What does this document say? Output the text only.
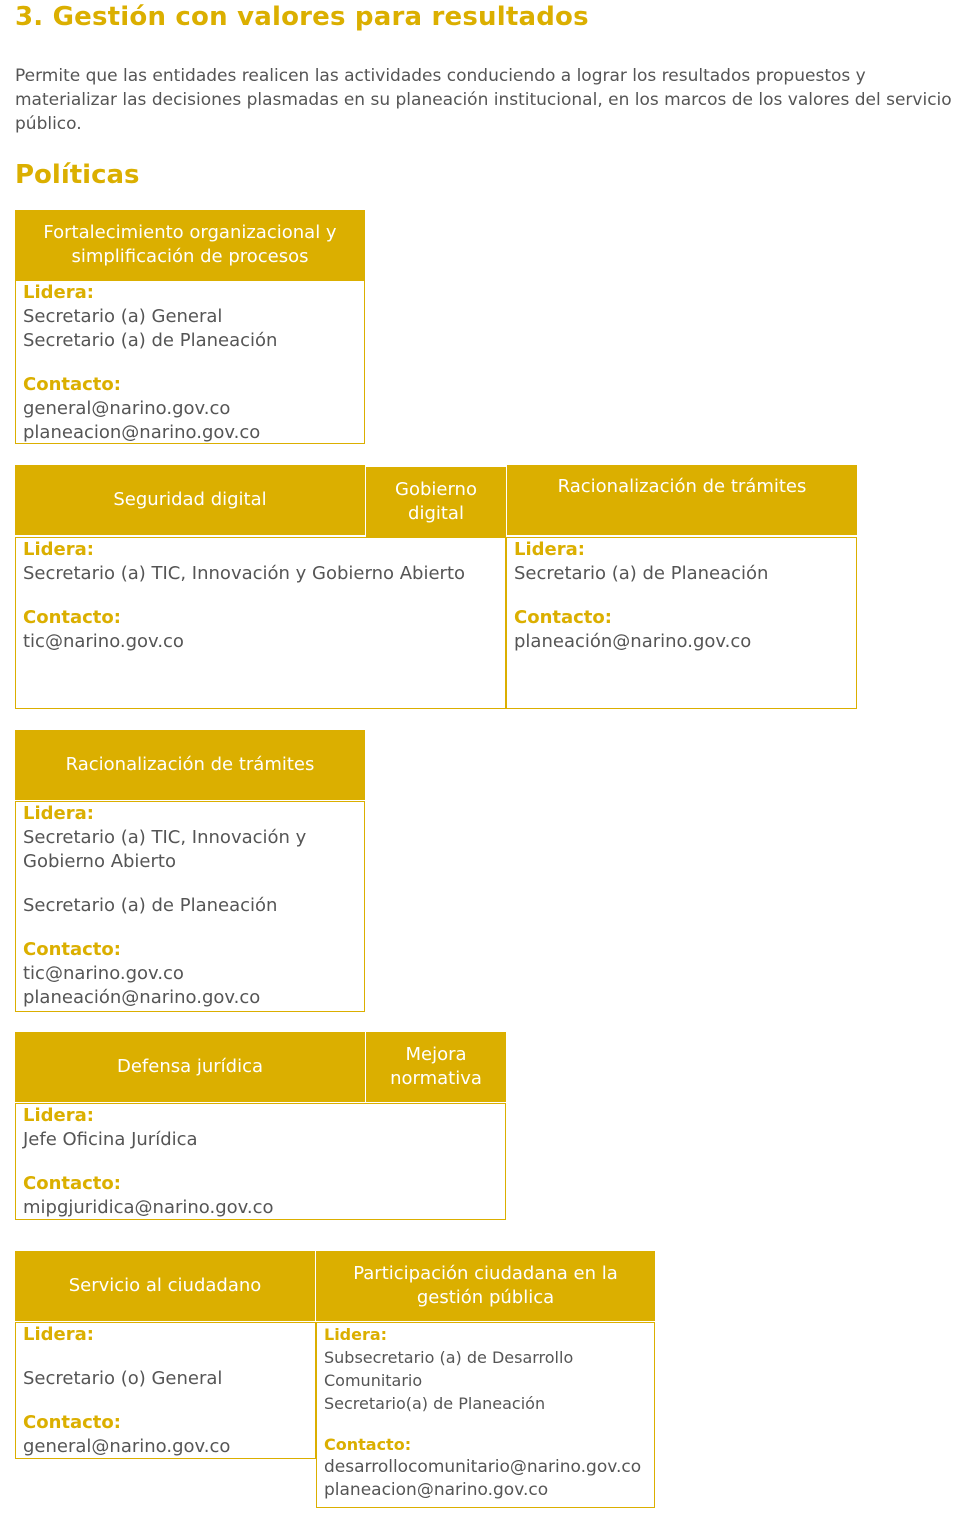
3. Gestión con valores para resultados

Permite que las entidades realicen las actividades conduciendo a lograr los resultados propuestos y materializar las decisiones plasmadas en su planeación institucional, en los marcos de los valores del servicio público.

Políticas
Fortalecimiento organizacional y simplificación de procesos
Lidera:
Secretario (a) General
Secretario (a) de Planeación
Contacto:
general@narino.gov.co
planeacion@narino.gov.co
Seguridad digital	Gobierno digital
Lidera:
Secretario (a) TIC, Innovación y Gobierno Abierto
Contacto:
tic@narino.gov.co
Racionalización de trámites
Lidera:
Secretario (a) de Planeación
Contacto:
planeación@narino.gov.co
Racionalización de trámites
Lidera:
Secretario (a) TIC, Innovación y
Gobierno Abierto
Secretario (a) de Planeación
Contacto:
tic@narino.gov.co
planeación@narino.gov.co
Defensa jurídica
Mejora normativa
Lidera:
Jefe Oficina Jurídica
Contacto:
mipgjuridica@narino.gov.co
Servicio al ciudadano
Lidera:
Secretario (o) General
Contacto:
general@narino.gov.co
Participación ciudadana en la gestión pública
Lidera:
Subsecretario (a) de Desarrollo
Comunitario
Secretario(a) de Planeación
Contacto:
desarrollocomunitario@narino.gov.co
planeacion@narino.gov.co
